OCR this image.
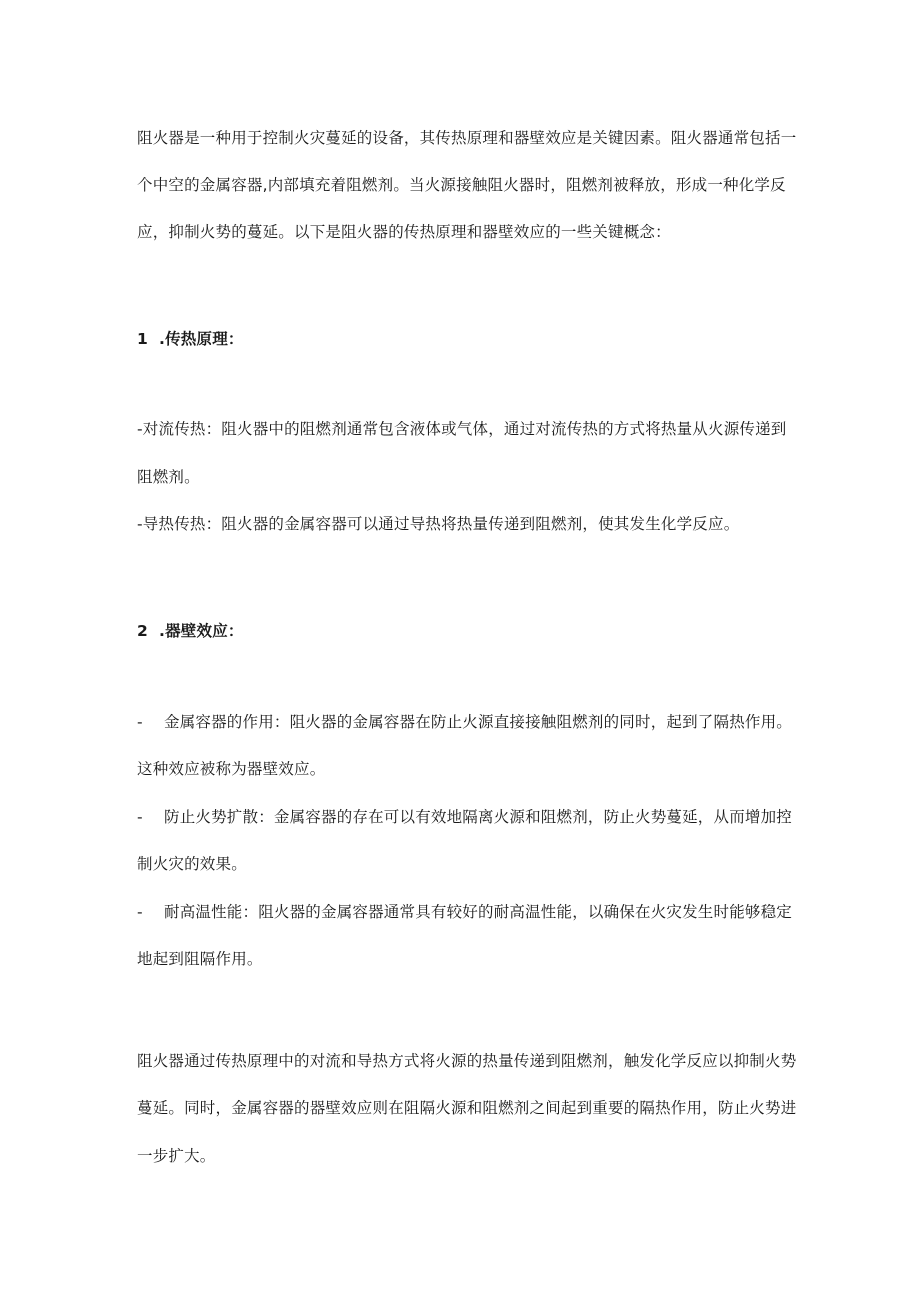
阻火器是一种用于控制火灾蔓延的设备，其传热原理和器壁效应是关键因素。阻火器通常包括一
个中空的金属容器,内部填充着阻燃剂。当火源接触阻火器时，阻燃剂被释放，形成一种化学反
应，抑制火势的蔓延。以下是阻火器的传热原理和器壁效应的一些关键概念：
1 .传热原理：
-对流传热：阻火器中的阻燃剂通常包含液体或气体，通过对流传热的方式将热量从火源传递到
阻燃剂。
-导热传热：阻火器的金属容器可以通过导热将热量传递到阻燃剂，使其发生化学反应。
2 .器壁效应：
- 金属容器的作用：阻火器的金属容器在防止火源直接接触阻燃剂的同时，起到了隔热作用。
这种效应被称为器壁效应。
- 防止火势扩散：金属容器的存在可以有效地隔离火源和阻燃剂，防止火势蔓延，从而增加控
制火灾的效果。
- 耐高温性能：阻火器的金属容器通常具有较好的耐高温性能，以确保在火灾发生时能够稳定
地起到阻隔作用。
阻火器通过传热原理中的对流和导热方式将火源的热量传递到阻燃剂，触发化学反应以抑制火势
蔓延。同时，金属容器的器壁效应则在阻隔火源和阻燃剂之间起到重要的隔热作用，防止火势进
一步扩大。
